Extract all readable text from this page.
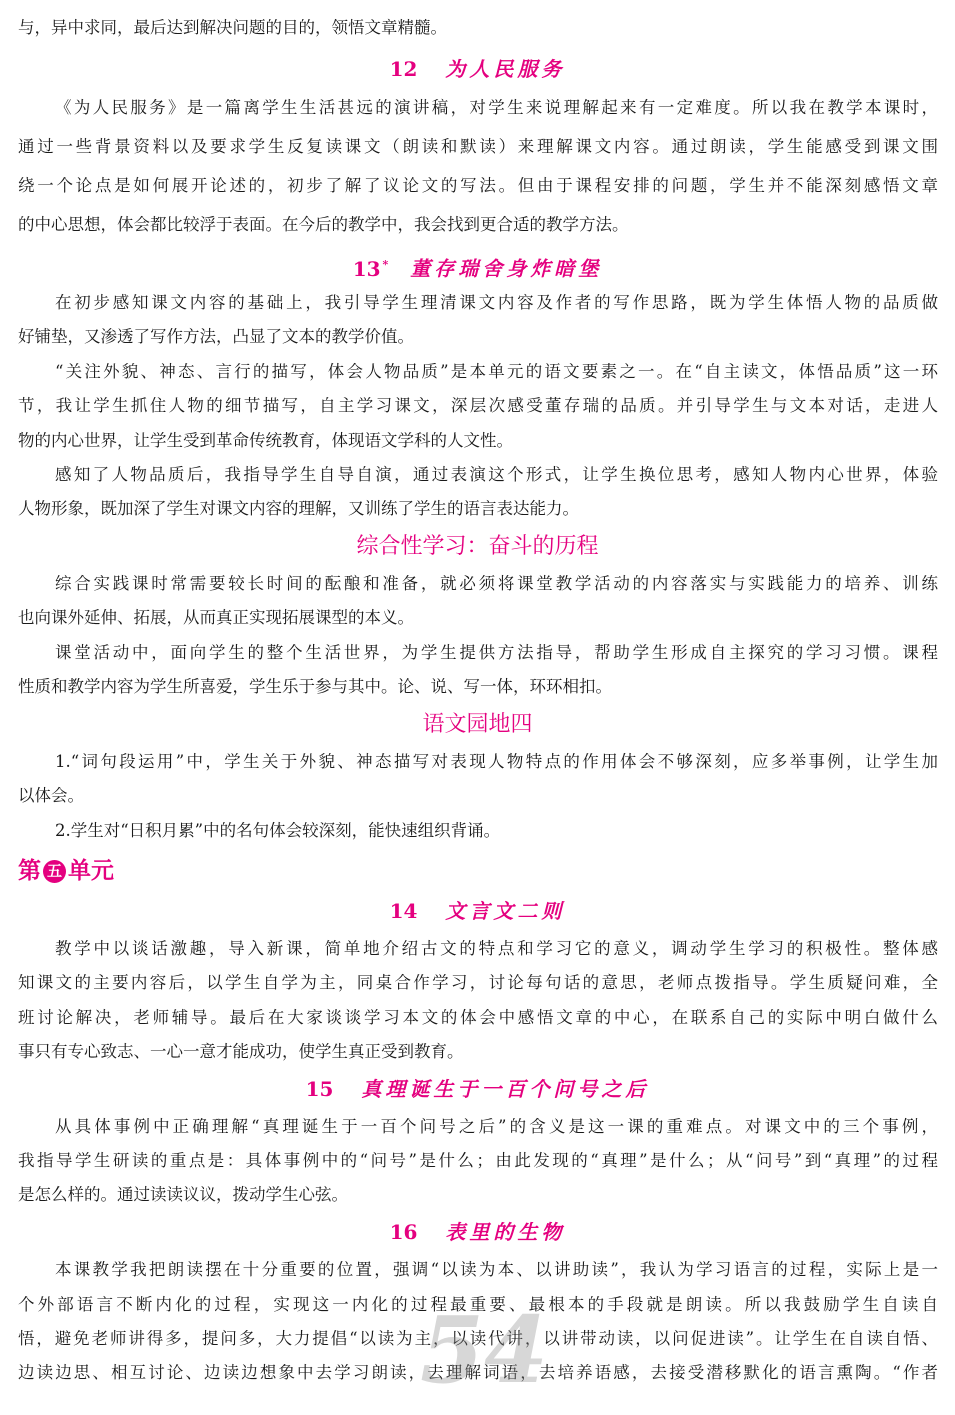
与，异中求同，最后达到解决问题的目的，领悟文章精髓。
12 为人民服务
《为人民服务》是一篇离学生生活甚远的演讲稿，对学生来说理解起来有一定难度。所以我在教学本课时，
通过一些背景资料以及要求学生反复读课文（朗读和默读）来理解课文内容。通过朗读，学生能感受到课文围
绕一个论点是如何展开论述的，初步了解了议论文的写法。但由于课程安排的问题，学生并不能深刻感悟文章
的中心思想，体会都比较浮于表面。在今后的教学中，我会找到更合适的教学方法。
13 * 董存瑞舍身炸暗堡
在初步感知课文内容的基础上，我引导学生理清课文内容及作者的写作思路，既为学生体悟人物的品质做
好铺垫，又渗透了写作方法，凸显了文本的教学价值。
“关注外貌、神态、言行的描写，体会人物品质”是本单元的语文要素之一。在“自主读文，体悟品质”这一环
节，我让学生抓住人物的细节描写，自主学习课文，深层次感受董存瑞的品质。并引导学生与文本对话，走进人
物的内心世界，让学生受到革命传统教育，体现语文学科的人文性。
感知了人物品质后，我指导学生自导自演，通过表演这个形式，让学生换位思考，感知人物内心世界，体验
人物形象，既加深了学生对课文内容的理解，又训练了学生的语言表达能力。
综合性学习：奋斗的历程
综合实践课时常需要较长时间的酝酿和准备，就必须将课堂教学活动的内容落实与实践能力的培养、训练
也向课外延伸、拓展，从而真正实现拓展课型的本义。
课堂活动中，面向学生的整个生活世界，为学生提供方法指导，帮助学生形成自主探究的学习习惯。课程
性质和教学内容为学生所喜爱，学生乐于参与其中。论、说、写一体，环环相扣。
语文园地四
1.“词句段运用”中，学生关于外貌、神态描写对表现人物特点的作用体会不够深刻，应多举事例，让学生加
以体会。
2.学生对“日积月累”中的名句体会较深刻，能快速组织背诵。
第 五 单元
14 文言文二则
教学中以谈话激趣，导入新课，简单地介绍古文的特点和学习它的意义，调动学生学习的积极性。整体感
知课文的主要内容后，以学生自学为主，同桌合作学习，讨论每句话的意思，老师点拨指导。学生质疑问难，全
班讨论解决，老师辅导。最后在大家谈谈学习本文的体会中感悟文章的中心，在联系自己的实际中明白做什么
事只有专心致志、一心一意才能成功，使学生真正受到教育。
15 真理诞生于一百个问号之后
从具体事例中正确理解“真理诞生于一百个问号之后”的含义是这一课的重难点。对课文中的三个事例，
我指导学生研读的重点是：具体事例中的“问号”是什么；由此发现的“真理”是什么；从“问号”到“真理”的过程
是怎么样的。通过读读议议，拨动学生心弦。
16 表里的生物
本课教学我把朗读摆在十分重要的位置，强调“以读为本、以讲助读”，我认为学习语言的过程，实际上是一
个外部语言不断内化的过程，实现这一内化的过程最重要、最根本的手段就是朗读。所以我鼓励学生自读自
悟，避免老师讲得多，提问多，大力提倡“以读为主，以读代讲，以讲带动读，以问促进读”。让学生在自读自悟、
边读边思、相互讨论、边读边想象中去学习朗读，去理解词语，去培养语感，去接受潜移默化的语言熏陶。“作者
54
